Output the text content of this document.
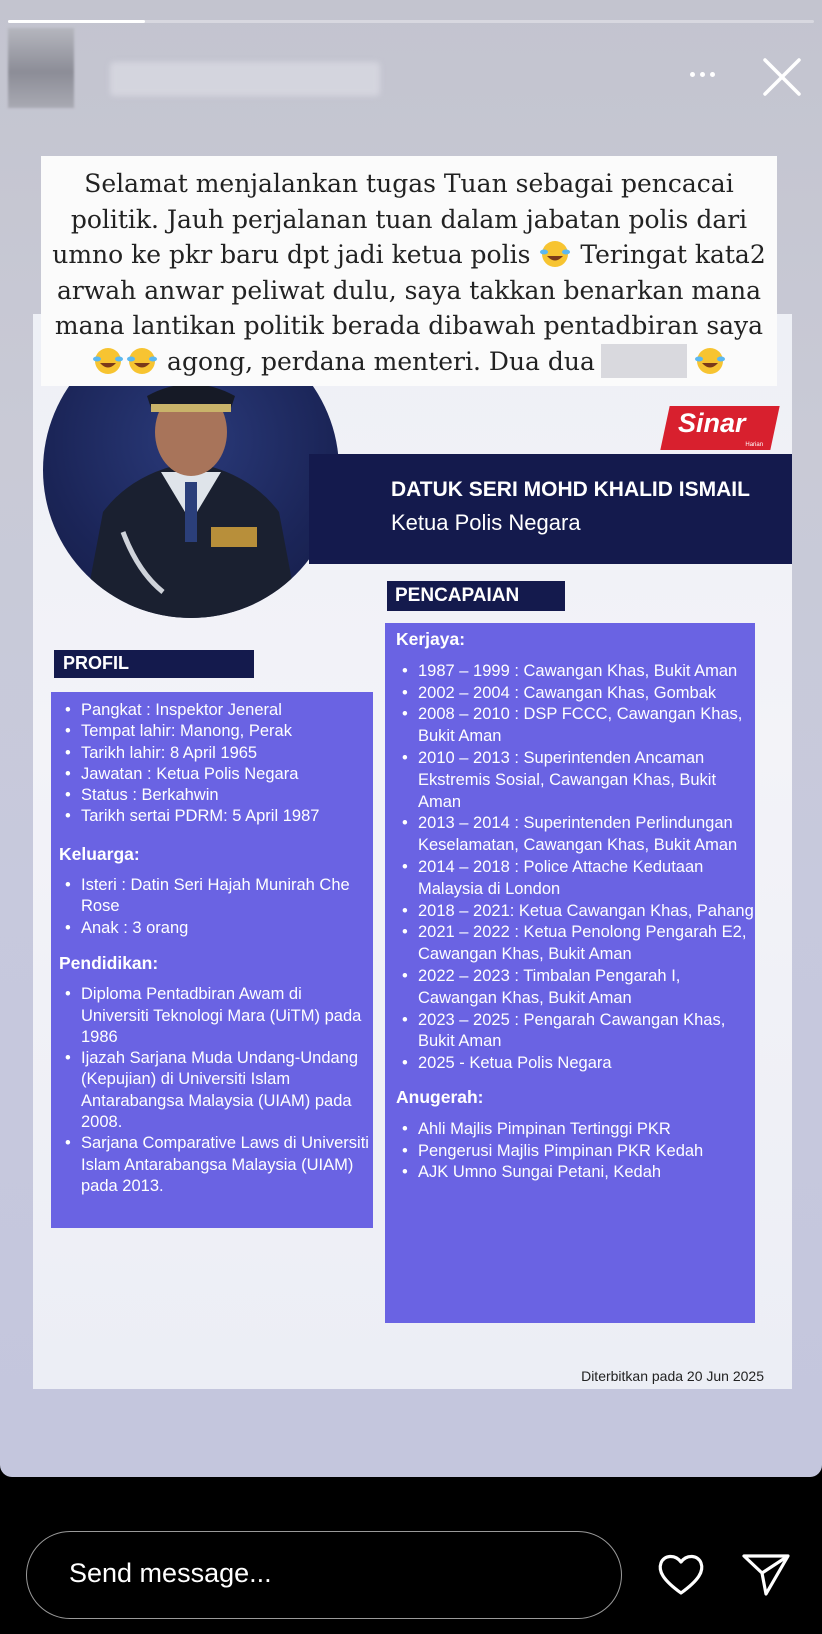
DATUK SERI MOHD KHALID ISMAIL
Ketua Polis Negara
Sinar
Harian
PENCAPAIAN
PROFIL
• Pangkat : Inspektor Jeneral
• Tempat lahir: Manong, Perak
• Tarikh lahir: 8 April 1965
• Jawatan : Ketua Polis Negara
• Status : Berkahwin
• Tarikh sertai PDRM: 5 April 1987
Keluarga:
• Isteri : Datin Seri Hajah Munirah Che Rose
• Anak : 3 orang
Pendidikan:
• Diploma Pentadbiran Awam di Universiti Teknologi Mara (UiTM) pada 1986
• Ijazah Sarjana Muda Undang-Undang (Kepujian) di Universiti Islam Antarabangsa Malaysia (UIAM) pada 2008.
• Sarjana Comparative Laws di Universiti Islam Antarabangsa Malaysia (UIAM) pada 2013.
Kerjaya:
• 1987 – 1999 : Cawangan Khas, Bukit Aman
• 2002 – 2004 : Cawangan Khas, Gombak
• 2008 – 2010 : DSP FCCC, Cawangan Khas, Bukit Aman
• 2010 – 2013 : Superintenden Ancaman Ekstremis Sosial, Cawangan Khas, Bukit Aman
• 2013 – 2014 : Superintenden Perlindungan Keselamatan, Cawangan Khas, Bukit Aman
• 2014 – 2018 : Police Attache Kedutaan Malaysia di London
• 2018 – 2021: Ketua Cawangan Khas, Pahang
• 2021 – 2022 : Ketua Penolong Pengarah E2, Cawangan Khas, Bukit Aman
• 2022 – 2023 : Timbalan Pengarah I, Cawangan Khas, Bukit Aman
• 2023 – 2025 : Pengarah Cawangan Khas, Bukit Aman
• 2025 - Ketua Polis Negara
Anugerah:
• Ahli Majlis Pimpinan Tertinggi PKR
• Pengerusi Majlis Pimpinan PKR Kedah
• AJK Umno Sungai Petani, Kedah
Diterbitkan pada 20 Jun 2025
Selamat menjalankan tugas Tuan sebagai pencacai
politik. Jauh perjalanan tuan dalam jabatan polis dari
umno ke pkr baru dpt jadi ketua polis Teringat kata2
arwah anwar peliwat dulu, saya takkan benarkan mana
mana lantikan politik berada dibawah pentadbiran saya
agong, perdana menteri. Dua dua
Send message...
